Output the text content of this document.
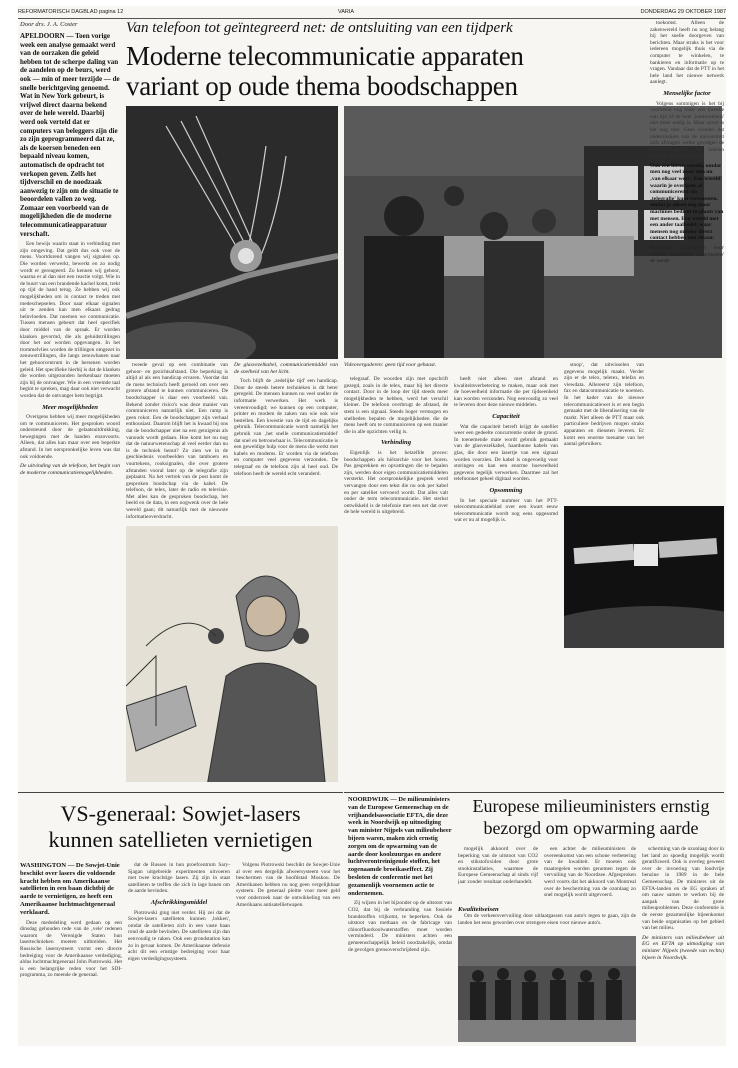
REFORMATORISCH DAGBLAD pagina 12	VARIA	DONDERDAG 29 OKTOBER 1987
Door drs. J. A. Coster	Van telefoon tot geïntegreerd net: de ontsluiting van een tijdperk
Moderne telecommunicatie apparaten
variant op oude thema boodschappen

APELDOORN — Toen vorige week een analyse gemaakt werd van de oorzaken die geleid hebben tot de scherpe daling van de aandelen op de beurs, werd ook — min of meer terzijde — de snelle berichtgeving genoemd. Wat in New York gebeurt, is vrijwel direct daarna bekend over de hele wereld. Daarbij werd ook verteld dat er computers van beleggers zijn die zo zijn geprogrammeerd dat ze, als de koersen beneden een bepaald niveau komen, automatisch de opdracht tot verkopen geven. Zelfs het tijdverschil en de noodzaak aanwezig te zijn om de situatie te beoordelen vallen zo weg. Zomaar een voorbeeld van de mogelijkheden die de moderne telecommunicatieapparatuur verschaft.

Een bewijs waarin staat in verbinding met zijn omgeving. Dat geldt dus ook voor de mens. Voortdurend vangen wij signalen op. Die worden verwerkt, bewerkt en zo nodig wordt er gereageerd. Zo kennen wij gehoor, waarna er al dan niet een reactie volgt. Wie in de buurt van een brandende kachel komt, trekt op tijd de hand terug. Ze hebben wij ook mogelijkheden om in contact te treden met medeschepselen. Door naar elkaar signalen uit te zenden kan men elkaars gedrag beïnvloeden. Dat noemen we communicatie. Tussen mensen gebeurt dat heel specifiek door middel van de spraak. Er worden klanken gevormd, die als geluidstrillingen door het oor worden opgevangen. In het trommelvlies worden de trillingen omgezet in zenuwstrillingen, die langs zenuwbanen naar het gehoorcentrum in de hersenen worden geleid. Het specifieke hierbij is dat de klanken die worden uitgezonden herkenbaar moeten zijn bij de ontvanger. Wie in een vreemde taal begint te spreken, mag daar ook niet verwacht worden dat de ontvanger hem begrijpt.

Meer mogelijkheden

Overigens hebben wij meer mogelijkheden om te communiceren. Het gesproken woord ondersteund door de gelaatsuitdrukking, bewegingen met de handen enzovoorts. Alleen, dat alles kan maar over een beperkte afstand. In het oorspronkelijke leven was dat ook voldoende.

De uitvinding van de telefoon, het begin van de moderne communicatiemogelijkheden.

Videovergaderen: geen tijd voor gehaast.

tweede geval op een combinatie van gehoor- en gezichtsafstand. Die beperking is altijd al als een handicap ervaren. Voordat dat de mens technisch heeft geroeid om over een grotere afstand te kunnen communiceren. De boodschapper is daar een voorbeeld van. Bekend zonder risico's was deze manier van communiceren natuurlijk niet. Een ramp is geen rokot. Een de boodschapper zijn verhaal enthousiast. Daarom blijft het is kwaad bij ons dat de boodschapper niet na een getuigenis als vanouds wordt gedaan. Hoe komt het nu nog dat de natuurwetenschap al veel eerder dan nu is de techniek benut? Zo zien we in de geschiedenis voorbeelden van tamboers en vuurtekens, rooksignalen, die over grotere afstanden vooral later op de telegrafie zijn geplaatst. Na het vertrek van de post komt de gesproken boodschap via de kabel. De telefoon, de telex, later de radio en televisie. Met alles kan de gesproken boodschap, het beeld en de data, in een oogwenk over de hele wereld gaan; dit natuurlijk met de nieuwste informatieoverdracht.

De glasvezelkabel, communicatiemiddel van de snelheid van het licht.

Toch blijft de ‚zedelijke tijd' een handicap. Door de steeds betere technieken is dit beter geregeld. De mensen kunnen nu veel sneller de informatie verwerken. Het werk is vereenvoudigd; we kunnen op een computer, printer en modem de zaken van wie ook wie bestellen. Een kwestie van de tijd en dagelijks gebruik. Telecommunicatie wordt namelijk het gebruik van ‚het snelle communicatiemiddel' dat snel en betrouwbaar is. Telecommunicatie is een geweldige hulp voor de mens die werkt met kabels en modems. Er worden via de telefoon en computer veel gegevens verzonden. De telegraaf en de telefoon zijn al heel oud. De telefoon heeft de wereld echt veranderd.

telegraaf. De woorden zijn met opschrift gezegd, zoals in de telex, maar bij het directe contact. Door in de loop der tijd steeds meer mogelijkheden te hebben, werd het verschil kleiner. De telefoon overbrugt de afstand, de stem is een signaal. Steeds hoger vermogen en snelheden bepalen de mogelijkheden die de mens heeft om te communiceren op een manier die in alle opzichten veilig is.

Verbinding

Eigenlijk is het hetzelfde proces: boodschappen als hiërarchie voor het horen. Pas gesprekken en opvattingen die te bepalen zijn, werden door eigen communicatiemiddelen versterkt. Het oorspronkelijke gesprek werd vervangen door een tekst die nu ook per kabel en per satelliet vervoerd wordt. Dat alles valt onder de term telecommunicatie. Het sterkst ontwikkeld is de telefonie met een net dat over de hele wereld is uitgebreid.

heeft niet alleen met afstand en kwaliteitsverbetering te maken, maar ook met de hoeveelheid informatie die per tijdseenheid kan worden verzonden. Nog eenvoudig zo veel te leveren door deze nieuwe middelen.

Capaciteit

Wat die capaciteit betreft krijgt de satelliet weer een gedeelte concurrentie onder de grond. In toenemende mate wordt gebruik gemaakt van de glasvezelkabel, haardunne kabels van glas, die door een lasertje van een signaal worden voorzien. De kabel is ongevoelig voor storingen en kan een enorme hoeveelheid gegevens tegelijk verwerken. Daarmee zal het telefoonnet geheel digitaal worden.

Opsomming

In het speciale nummer van het PTT-telecommunicatieblad over een kwart eeuw telecommunicatie wordt nog eens opgesomd wat er nu al mogelijk is.

stoop', dat uitwisselen van gegevens mogelijk maakt. Verder zijn er de telex, teletex, telefax en viewdata. Allereerst zijn telefoon, fax en datacommunicatie te noemen. In het kader van de nieuwe telecommunicatiewet is er een begin gemaakt met de liberalisering van de markt. Niet alleen de PTT maar ook particuliere bedrijven mogen straks apparaten en diensten leveren. Er komt een enorme toename van het aantal gebruikers.

toekomst. Alleen de zakenwereld heeft nu nog belang bij het snelle doorgeven van berichten. Maar straks is het voor iedereen mogelijk thuis via de computer te winkelen, te bankieren en informatie op te vragen. Vandaar dat de PTT in het hele land het nieuwe netwerk aanlegt.

Menselijke factor

Volgens sommigen is het bij voorbeeld nog maar een kwestie van tijd of de hele ‚kantoormens' niet meer nodig is. Maar zover is het nog niet. Geen wonder dat onderzoekers van de universiteit zich afvragen welke gevolgen de telecommunicatie zal hebben voor het dagelijks leven.

Ook een kleine wereld, omdat men nog veel meer dan nu ‚van elkaar weet'. Een wereld waarin je overigens al communicerend via ‚telegrafie' kunt verwoesten, omdat je alleen nog maar machines bedient in plaats van met mensen. Een wereld met een ander taalbeeld, waar mensen nog minder direct contact hebben met elkaar.

Honderden satellieten voor allerlei doeleinden ‚omcirkelen' de aarde.

VS-generaal: Sowjet-lasers
kunnen satellieten vernietigen

WASHINGTON — De Sowjet-Unie beschikt over lasers die voldoende kracht hebben om Amerikaanse satellieten in een baan dichtbij de aarde te vernietigen, zo heeft een Amerikaanse luchtmachtgeneraal verklaard.

Deze mededeling werd gedaan op een dinsdag gehouden rede van de ‚vele' redenen waarom de Verenigde Staten hun lasertechnieken moeten uitbreiden. Het Russische lasersysteem vormt een directe bedreiging voor de Amerikaanse verdediging, aldus luchtmachtgeneraal John Piotrowski. Het is een belangrijke reden voor het SDI-programma, zo meende de generaal.

dat de Russen in hun proefcentrum Sary-Sjagan uitgebreide experimenten uitvoeren met twee krachtige lasers. Zij zijn in staat satellieten te treffen die zich in lage banen om de aarde bevinden.

Afschrikkingsmiddel

Piotrowski ging niet verder. Hij zei dat de Sowjet-lasers satellieten kunnen ‚lokken', omdat de satellieten zich in een vaste baan rond de aarde bevinden. De satellieten zijn dan eenvoudig te raken. Ook een grondstation kan zo in gevaar komen. De Amerikaanse defensie acht dit een ernstige bedreiging voor haar eigen verdedigingssysteem.

Volgens Piotrowski beschikt de Sowjet-Unie al over een dergelijk afweersysteem voor het beschermen van de hoofdstad Moskou. De Amerikanen hebben nu nog geen vergelijkbaar systeem. De generaal pleitte voor meer geld voor onderzoek naar de ontwikkeling van een Amerikaans antisatellietwapen.

NOORDWIJK — De milieuministers van de Europese Gemeenschap en de vrijhandelsassociatie EFTA, die deze week in Noordwijk op uitnodiging van minister Nijpels van milieubeheer bijeen waren, maken zich ernstig zorgen om de opwarming van de aarde door koolzuurgas en andere luchtverontreinigende stoffen, het zogenaamde broeikaseffect. Zij besloten de conferentie met het gezamenlijk voornemen actie te ondernemen.

Zij wijzen in het bijzonder op de uitstoot van CO2, dat bij de verbranding van fossiele brandstoffen vrijkomt, te beperken. Ook de uitstoot van methaan en de fabricage van chloorfluorkoolwaterstoffen moet worden verminderd. De ministers achten een gemeenschappelijk beleid noodzakelijk, omdat de gevolgen grensoverschrijdend zijn.

Europese milieuministers ernstig
bezorgd om opwarming aarde

mogelijk akkoord over de beperking van de uitstoot van CO2 en stikstofoxiden door grote stookinstallaties, waarmee de Europese Gemeenschap al sinds vijf jaar zonder resultaat onderhandelt.

een achter de milieuministers de overeenkomst van een schone verbetering van de kwaliteit. Er moeten ook maatregelen worden genomen tegen de vervuiling van de Noordzee. Afgesproken werd voorts dat het akkoord van Montreal over de bescherming van de ozonlaag zo snel mogelijk wordt uitgevoerd.

scherming van de ozonlaag door in het land zo spoedig mogelijk wordt geratificeerd. Ook is overleg geweest over de invoering van loodvrije benzine in 1989 in de hele Gemeenschap. De ministers uit de EFTA-landen en de EG spraken af om nauw samen te werken bij de aanpak van de grote milieuproblemen. Deze conferentie is de eerste gezamenlijke bijeenkomst van beide organisaties op het gebied van het milieu.

De ministers van milieubeheer uit EG en EFTA op uitnodiging van minister Nijpels (tweede van rechts) bijeen in Noordwijk.

Kwaliteitseisen

Om de verkeersvervuiling door uitlaatgassen van auto's tegen te gaan, zijn de landen het eens geworden over strengere eisen voor nieuwe auto's.
